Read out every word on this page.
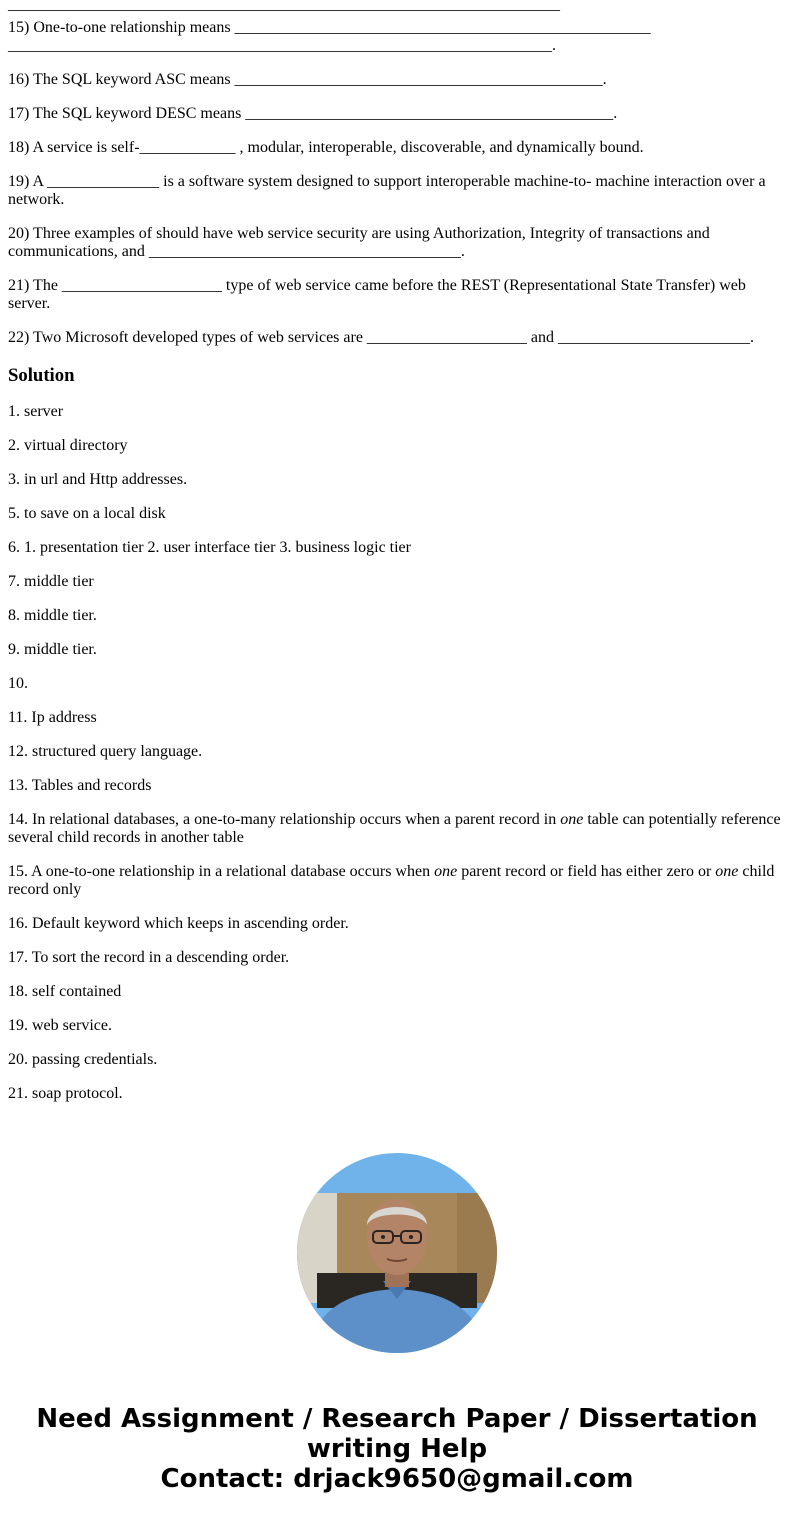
_____________________________________________________________________

15) One-to-one relationship means ____________________________________________________ ____________________________________________________________________.

16) The SQL keyword ASC means ______________________________________________.

17) The SQL keyword DESC means ______________________________________________.

18) A service is self-____________ , modular, interoperable, discoverable, and dynamically bound.

19) A ______________ is a software system designed to support interoperable machine-to- machine interaction over a network.

20) Three examples of should have web service security are using Authorization, Integrity of transactions and communications, and _______________________________________.

21) The ____________________ type of web service came before the REST (Representational State Transfer) web server.

22) Two Microsoft developed types of web services are ____________________ and ________________________.

Solution

1. server

2. virtual directory

3. in url and Http addresses.

5. to save on a local disk

6. 1. presentation tier 2. user interface tier 3. business logic tier

7. middle tier

8. middle tier.

9. middle tier.

10.

11. Ip address

12. structured query language.

13. Tables and records

14. In relational databases, a one-to-many relationship occurs when a parent record in one table can potentially reference several child records in another table

15. A one-to-one relationship in a relational database occurs when one parent record or field has either zero or one child record only

16. Default keyword which keeps in ascending order.

17. To sort the record in a descending order.

18. self contained

19. web service.

20. passing credentials.

21. soap protocol.

Need Assignment / Research Paper / Dissertation
writing Help
Contact: drjack9650@gmail.com
